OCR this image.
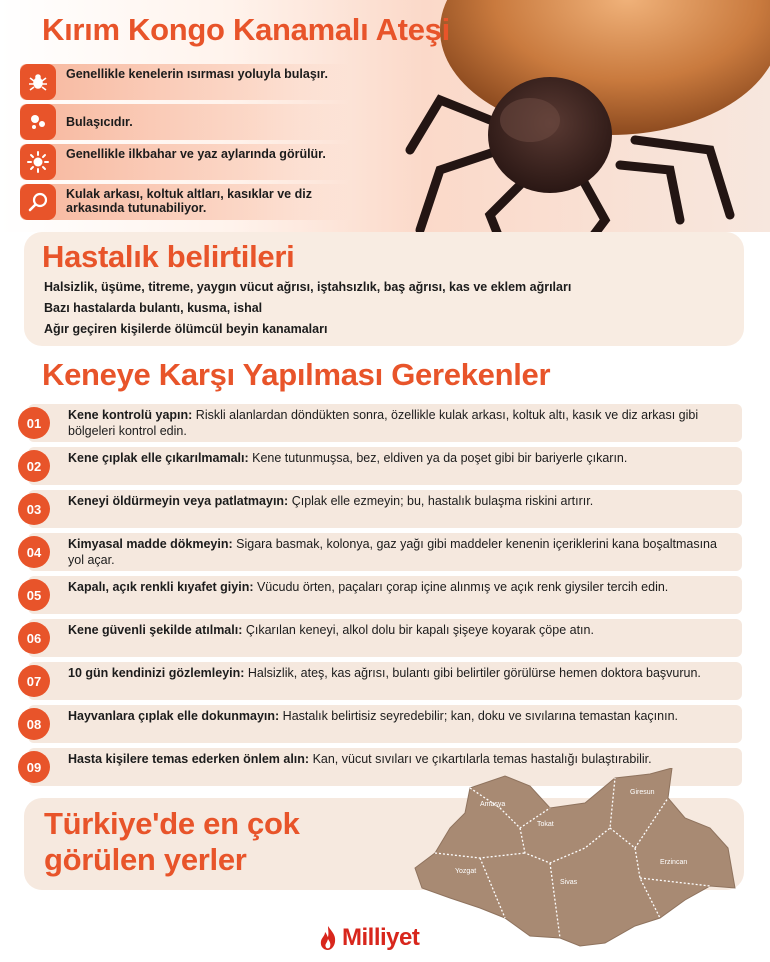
Kırım Kongo Kanamalı Ateşi
Genellikle kenelerin ısırması yoluyla bulaşır.
Bulaşıcıdır.
Genellikle ilkbahar ve yaz aylarında görülür.
Kulak arkası, koltuk altları, kasıklar ve diz arkasında tutunabiliyor.
Hastalık belirtileri
Halsizlik, üşüme, titreme, yaygın vücut ağrısı, iştahsızlık, baş ağrısı, kas ve eklem ağrıları
Bazı hastalarda bulantı, kusma, ishal
Ağır geçiren kişilerde ölümcül beyin kanamaları
Keneye Karşı Yapılması Gerekenler
01
Kene kontrolü yapın: Riskli alanlardan döndükten sonra, özellikle kulak arkası, koltuk altı, kasık ve diz arkası gibi bölgeleri kontrol edin.
02
Kene çıplak elle çıkarılmamalı: Kene tutunmuşsa, bez, eldiven ya da poşet gibi bir bariyerle çıkarın.
03
Keneyi öldürmeyin veya patlatmayın: Çıplak elle ezmeyin; bu, hastalık bulaşma riskini artırır.
04
Kimyasal madde dökmeyin: Sigara basmak, kolonya, gaz yağı gibi maddeler kenenin içeriklerini kana boşaltmasına yol açar.
05
Kapalı, açık renkli kıyafet giyin: Vücudu örten, paçaları çorap içine alınmış ve açık renk giysiler tercih edin.
06
Kene güvenli şekilde atılmalı: Çıkarılan keneyi, alkol dolu bir kapalı şişeye koyarak çöpe atın.
07
10 gün kendinizi gözlemleyin: Halsizlik, ateş, kas ağrısı, bulantı gibi belirtiler görülürse hemen doktora başvurun.
08
Hayvanlara çıplak elle dokunmayın: Hastalık belirtisiz seyredebilir; kan, doku ve sıvılarına temastan kaçının.
09
Hasta kişilere temas ederken önlem alın: Kan, vücut sıvıları ve çıkartılarla temas hastalığı bulaştırabilir.
Türkiye'de en çok görülen yerler
Amasya
Tokat
Giresun
Yozgat
Sivas
Erzincan
Milliyet
